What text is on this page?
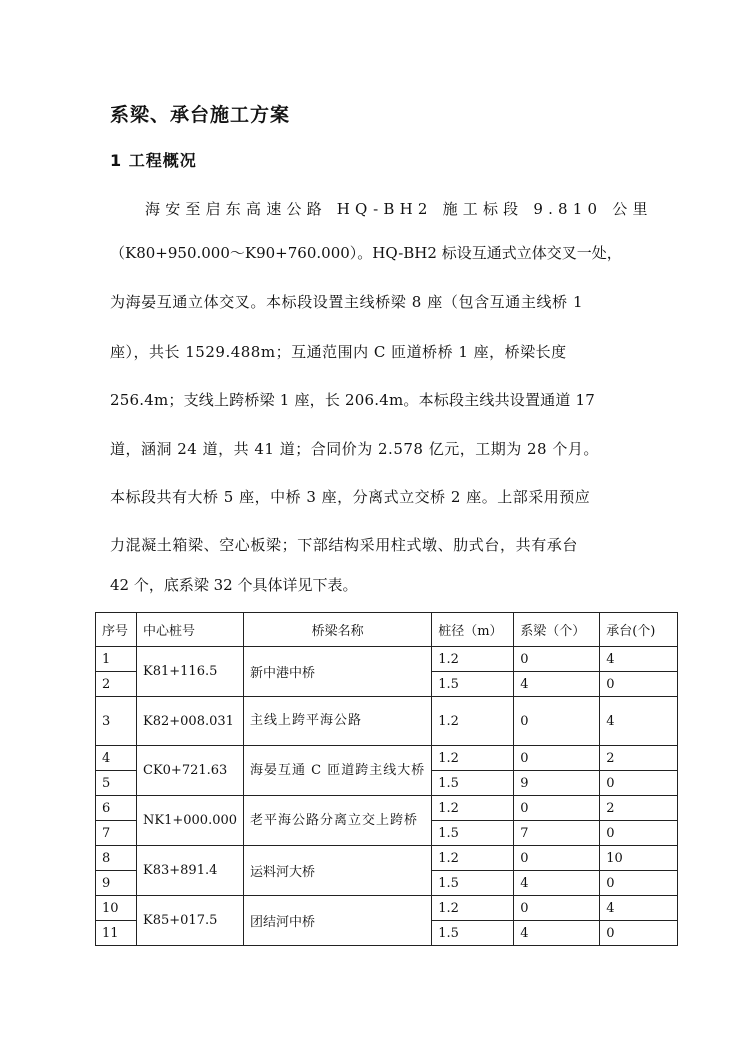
系梁、承台施工方案
1 工程概况
海安至启东高速公路 HQ-BH2 施工标段 9.810 公里
（K80+950.000～K90+760.000）。HQ-BH2 标设互通式立体交叉一处，
为海晏互通立体交叉。本标段设置主线桥梁 8 座（包含互通主线桥 1
座），共长 1529.488m；互通范围内 C 匝道桥桥 1 座，桥梁长度
256.4m；支线上跨桥梁 1 座，长 206.4m。本标段主线共设置通道 17
道，涵洞 24 道，共 41 道；合同价为 2.578 亿元，工期为 28 个月。
本标段共有大桥 5 座，中桥 3 座，分离式立交桥 2 座。上部采用预应
力混凝土箱梁、空心板梁；下部结构采用柱式墩、肋式台，共有承台
42 个，底系梁 32 个具体详见下表。
序号	中心桩号	桥梁名称	桩径（m）	系梁（个）	承台(个)
1	K81+116.5	新中港中桥	1.2	0	4
2			1.5	4	0
3	K82+008.031	主线上跨平海公路	1.2	0	4
4	CK0+721.63	海晏互通 C 匝道跨主线大桥	1.2	0	2
5			1.5	9	0
6	NK1+000.000	老平海公路分离立交上跨桥	1.2	0	2
7			1.5	7	0
8	K83+891.4	运料河大桥	1.2	0	10
9			1.5	4	0
10	K85+017.5	团结河中桥	1.2	0	4
11			1.5	4	0
